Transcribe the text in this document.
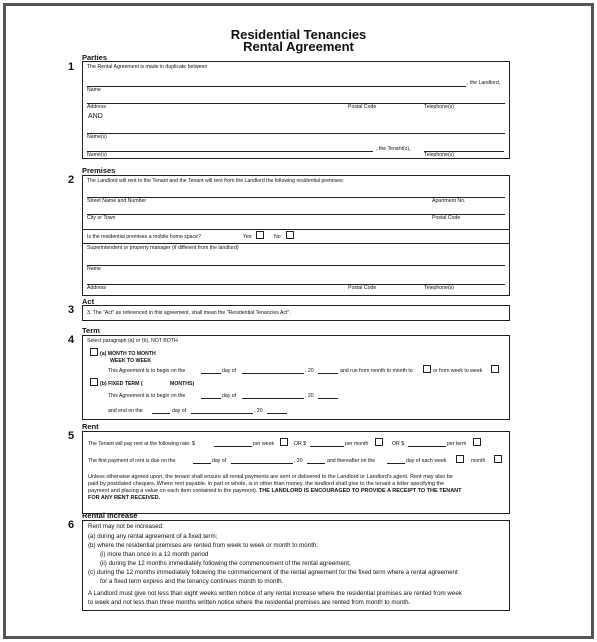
Residential Tenancies
Rental Agreement
Parties
1 The Rental Agreement is made in duplicate between
, the Landlord,
Name
Address	Postal Code	Telephone(s)
AND
Name(s)
, the Tenant(s),
Name(s)	Telephone(s)
Premises
2 The Landlord will rent to the Tenant and the Tenant will rent from the Landlord the following residential premises:
Street Name and Number	Apartment No.
City or Town	Postal Code
Is the residential premises a mobile home space?	Yes	No
Superintendent or property manager (if different from the landlord)
Name
Address	Postal Code	Telephone(s)
Act
3 3. The "Act" as referenced in this agreement, shall mean the "Residential Tenancies Act".
Term
4 Select paragraph (a) or (b), NOT BOTH
(a) MONTH TO MONTH
WEEK TO WEEK
This Agreement is to begin on the	day of	, 20	and run from month to month to	or from week to week
(b) FIXED TERM (	MONTHS)
This Agreement is to begin on the	day of	, 20
and end on the	day of	, 20
Rent
5
The Tenant will pay rent at the following rate: $	per week	OR $	per month	OR $	per term
The first payment of rent is due on the	day of	, 20	and thereafter on the	day of each week	month
Unless otherwise agreed upon, the tenant shall ensure all rental payments are sent or delivered to the Landlord or Landlord's agent. Rent may also be
paid by postdated cheques. Where rent payable, in part or whole, is in other than money, the landlord shall give to the tenant a letter specifying the
payment and placing a value on each item contained in the payment). THE LANDLORD IS ENCOURAGED TO PROVIDE A RECEIPT TO THE TENANT
FOR ANY RENT RECEIVED.
Rental Increase
6 Rent may not be increased:
(a) during any rental agreement of a fixed term;
(b) where the residential premises are rented from week to week or month to month:
(i) more than once in a 12 month period
(ii) during the 12 months immediately following the commencement of the rental agreement;
(c) during the 12 months immediately following the commencement of the rental agreement for the fixed term where a rental agreement
for a fixed term expires and the tenancy continues month to month.
A Landlord must give not less than eight weeks written notice of any rental increase where the residential premises are rented from week
to week and not less than three months written notice where the residential premises are rented from month to month.
